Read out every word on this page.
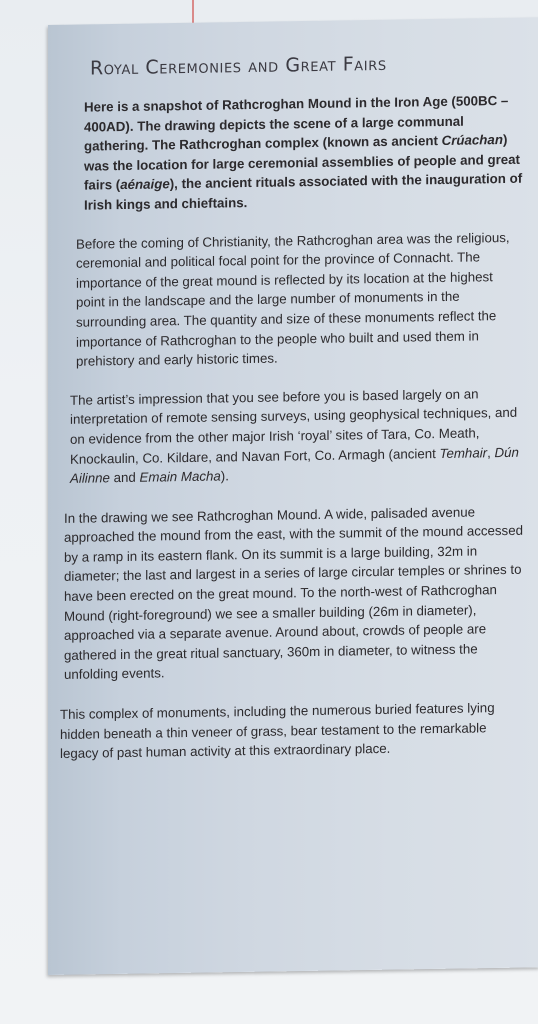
Royal Ceremonies and Great Fairs

Here is a snapshot of Rathcroghan Mound in the Iron Age (500BC – 400AD). The drawing depicts the scene of a large communal gathering. The Rathcroghan complex (known as ancient Crúachan) was the location for large ceremonial assemblies of people and great fairs (aénaige), the ancient rituals associated with the inauguration of Irish kings and chieftains.

Before the coming of Christianity, the Rathcroghan area was the religious, ceremonial and political focal point for the province of Connacht. The importance of the great mound is reflected by its location at the highest point in the landscape and the large number of monuments in the surrounding area. The quantity and size of these monuments reflect the importance of Rathcroghan to the people who built and used them in prehistory and early historic times.

The artist’s impression that you see before you is based largely on an interpretation of remote sensing surveys, using geophysical techniques, and on evidence from the other major Irish ‘royal’ sites of Tara, Co. Meath, Knockaulin, Co. Kildare, and Navan Fort, Co. Armagh (ancient Temhair, Dún Ailinne and Emain Macha).

In the drawing we see Rathcroghan Mound. A wide, palisaded avenue approached the mound from the east, with the summit of the mound accessed by a ramp in its eastern flank. On its summit is a large building, 32m in diameter; the last and largest in a series of large circular temples or shrines to have been erected on the great mound. To the north-west of Rathcroghan Mound (right-foreground) we see a smaller building (26m in diameter), approached via a separate avenue. Around about, crowds of people are gathered in the great ritual sanctuary, 360m in diameter, to witness the unfolding events.

This complex of monuments, including the numerous buried features lying hidden beneath a thin veneer of grass, bear testament to the remarkable legacy of past human activity at this extraordinary place.
